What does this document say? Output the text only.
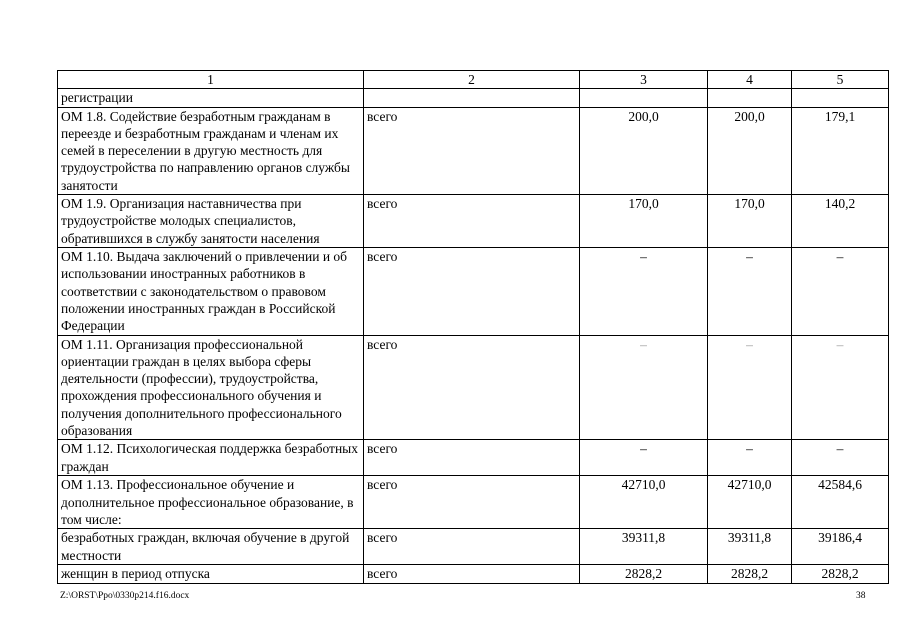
1	2	3	4	5
регистрации				
ОМ 1.8. Содействие безработным гражданам в переезде и безработным гражданам и членам их семей в переселении в другую местность для трудоустройства по направлению органов службы занятости	всего	200,0	200,0	179,1
ОМ 1.9. Организация наставничества при трудоустройстве молодых специалистов, обратившихся в службу занятости населения	всего	170,0	170,0	140,2
ОМ 1.10. Выдача заключений о привлечении и об использовании иностранных работников в соответствии с законодательством о правовом положении иностранных граждан в Российской Федерации	всего	–	–	–
ОМ 1.11. Организация профессиональной ориентации граждан в целях выбора сферы деятельности (профессии), трудоустройства, прохождения профессионального обучения и получения дополнительного профессионального образования	всего	–	–	–
ОМ 1.12. Психологическая поддержка безработных граждан	всего	–	–	–
ОМ 1.13. Профессиональное обучение и дополнительное профессиональное образование, в том числе:	всего	42710,0	42710,0	42584,6
безработных граждан, включая обучение в другой местности	всего	39311,8	39311,8	39186,4
женщин в период отпуска	всего	2828,2	2828,2	2828,2
Z:\ORST\Ppo\0330p214.f16.docx	38
